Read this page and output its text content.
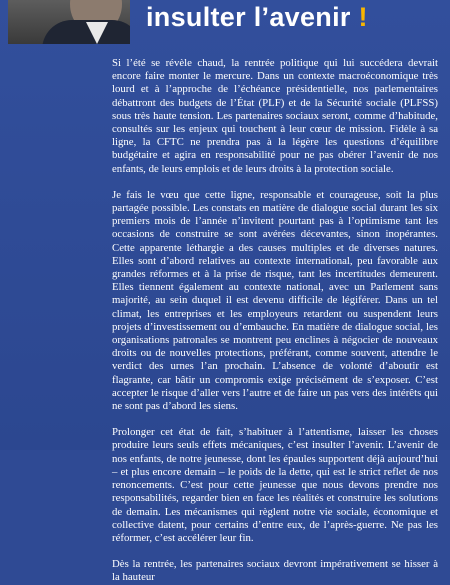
insulter l’avenir !

Si l’été se révèle chaud, la rentrée politique qui lui succédera devrait encore faire monter le mercure. Dans un contexte macroéconomique très lourd et à l’approche de l’échéance présidentielle, nos parlementaires débattront des budgets de l’État (PLF) et de la Sécurité sociale (PLFSS) sous très haute tension. Les partenaires sociaux seront, comme d’habitude, consultés sur les enjeux qui touchent à leur cœur de mission. Fidèle à sa ligne, la CFTC ne prendra pas à la légère les questions d’équilibre budgétaire et agira en responsabilité pour ne pas obérer l’avenir de nos enfants, de leurs emplois et de leurs droits à la protection sociale.

Je fais le vœu que cette ligne, responsable et courageuse, soit la plus partagée possible. Les constats en matière de dialogue social durant les six premiers mois de l’année n’invitent pourtant pas à l’optimisme tant les occasions de construire se sont avérées décevantes, sinon inopérantes. Cette apparente léthargie a des causes multiples et de diverses natures. Elles sont d’abord relatives au contexte international, peu favorable aux grandes réformes et à la prise de risque, tant les incertitudes demeurent. Elles tiennent également au contexte national, avec un Parlement sans majorité, au sein duquel il est devenu difficile de légiférer. Dans un tel climat, les entreprises et les employeurs retardent ou suspendent leurs projets d’investissement ou d’embauche. En matière de dialogue social, les organisations patronales se montrent peu enclines à négocier de nouveaux droits ou de nouvelles protections, préférant, comme souvent, attendre le verdict des urnes l’an prochain. L’absence de volonté d’aboutir est flagrante, car bâtir un compromis exige précisément de s’exposer. C’est accepter le risque d’aller vers l’autre et de faire un pas vers des intérêts qui ne sont pas d’abord les siens.

Prolonger cet état de fait, s’habituer à l’attentisme, laisser les choses produire leurs seuls effets mécaniques, c’est insulter l’avenir. L’avenir de nos enfants, de notre jeunesse, dont les épaules supportent déjà aujourd’hui – et plus encore demain – le poids de la dette, qui est le strict reflet de nos renoncements. C’est pour cette jeunesse que nous devons prendre nos responsabilités, regarder bien en face les réalités et construire les solutions de demain. Les mécanismes qui règlent notre vie sociale, économique et collective datent, pour certains d’entre eux, de l’après-guerre. Ne pas les réformer, c’est accélérer leur fin.

Dès la rentrée, les partenaires sociaux devront impérativement se hisser à la hauteur
